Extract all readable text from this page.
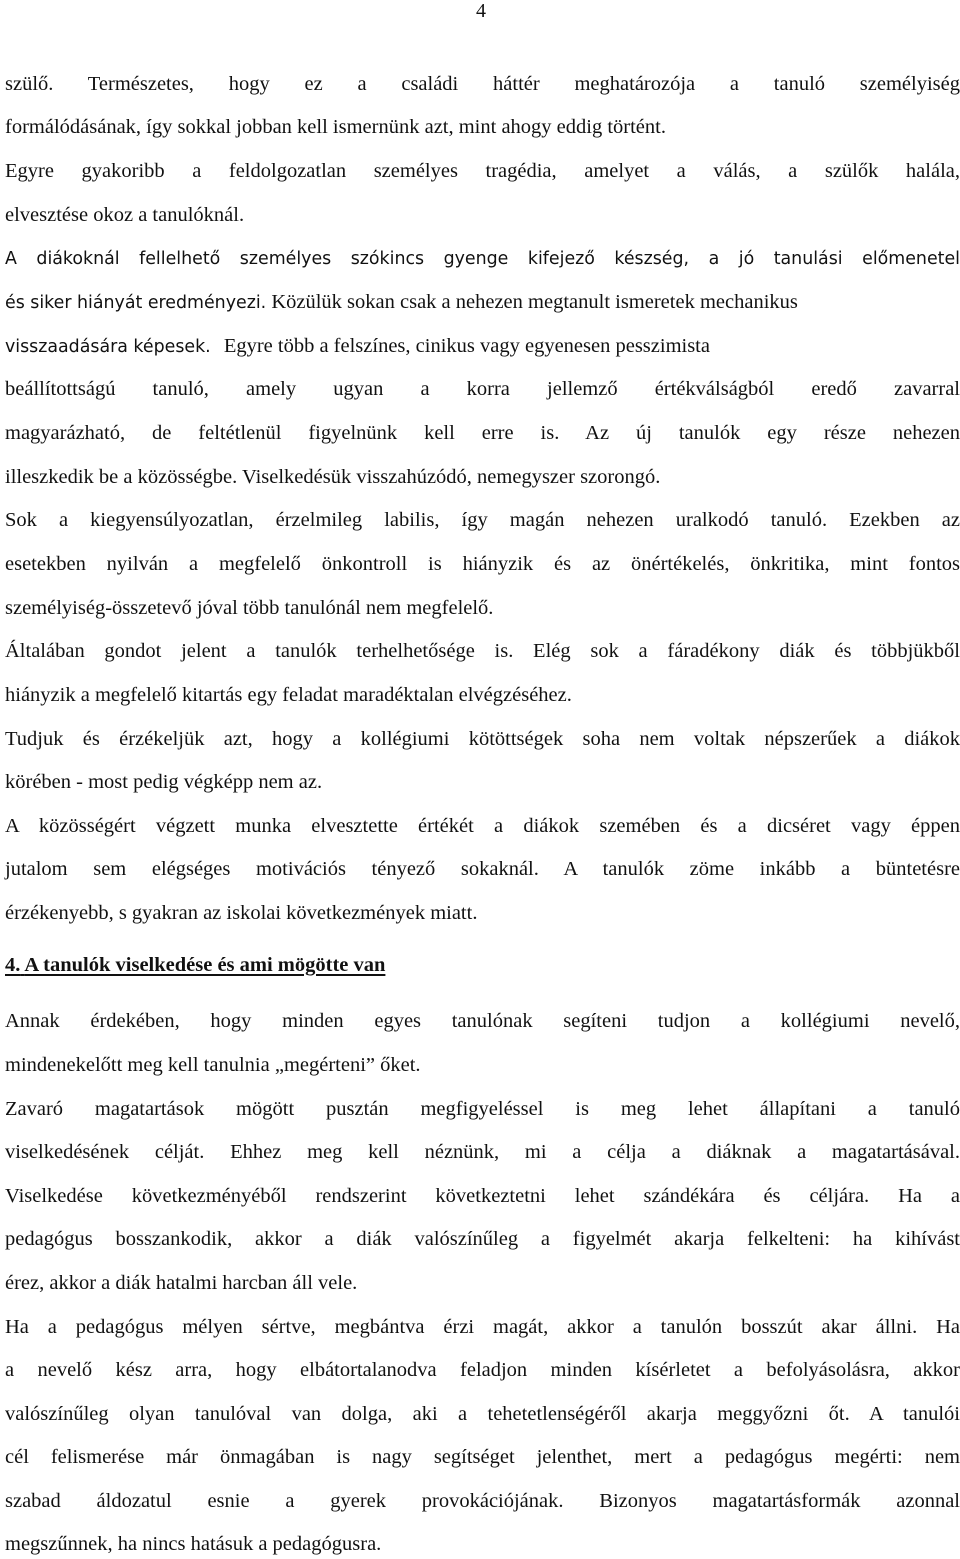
4
szülő. Természetes, hogy ez a családi háttér meghatározója a tanuló személyiség
formálódásának, így sokkal jobban kell ismernünk azt, mint ahogy eddig történt.
Egyre gyakoribb a feldolgozatlan személyes tragédia, amelyet a válás, a szülők halála,
elvesztése okoz a tanulóknál.
A diákoknál fellelhető személyes szókincs gyenge kifejező készség, a jó tanulási előmenetel
és siker hiányát eredményezi. Közülük sokan csak a nehezen megtanult ismeretek mechanikus
visszaadására képesek. Egyre több a felszínes, cinikus vagy egyenesen pesszimista
beállítottságú tanuló, amely ugyan a korra jellemző értékválságból eredő zavarral
magyarázható, de feltétlenül figyelnünk kell erre is. Az új tanulók egy része nehezen
illeszkedik be a közösségbe. Viselkedésük visszahúzódó, nemegyszer szorongó.
Sok a kiegyensúlyozatlan, érzelmileg labilis, így magán nehezen uralkodó tanuló. Ezekben az
esetekben nyilván a megfelelő önkontroll is hiányzik és az önértékelés, önkritika, mint fontos
személyiség-összetevő jóval több tanulónál nem megfelelő.
Általában gondot jelent a tanulók terhelhetősége is. Elég sok a fáradékony diák és többjükből
hiányzik a megfelelő kitartás egy feladat maradéktalan elvégzéséhez.
Tudjuk és érzékeljük azt, hogy a kollégiumi kötöttségek soha nem voltak népszerűek a diákok
körében - most pedig végképp nem az.
A közösségért végzett munka elvesztette értékét a diákok szemében és a dicséret vagy éppen
jutalom sem elégséges motivációs tényező sokaknál. A tanulók zöme inkább a büntetésre
érzékenyebb, s gyakran az iskolai következmények miatt.
4. A tanulók viselkedése és ami mögötte van
Annak érdekében, hogy minden egyes tanulónak segíteni tudjon a kollégiumi nevelő,
mindenekelőtt meg kell tanulnia „megérteni” őket.
Zavaró magatartások mögött pusztán megfigyeléssel is meg lehet állapítani a tanuló
viselkedésének célját. Ehhez meg kell néznünk, mi a célja a diáknak a magatartásával.
Viselkedése következményéből rendszerint következtetni lehet szándékára és céljára. Ha a
pedagógus bosszankodik, akkor a diák valószínűleg a figyelmét akarja felkelteni: ha kihívást
érez, akkor a diák hatalmi harcban áll vele.
Ha a pedagógus mélyen sértve, megbántva érzi magát, akkor a tanulón bosszút akar állni. Ha
a nevelő kész arra, hogy elbátortalanodva feladjon minden kísérletet a befolyásolásra, akkor
valószínűleg olyan tanulóval van dolga, aki a tehetetlenségéről akarja meggyőzni őt. A tanulói
cél felismerése már önmagában is nagy segítséget jelenthet, mert a pedagógus megérti: nem
szabad áldozatul esnie a gyerek provokációjának. Bizonyos magatartásformák azonnal
megszűnnek, ha nincs hatásuk a pedagógusra.
